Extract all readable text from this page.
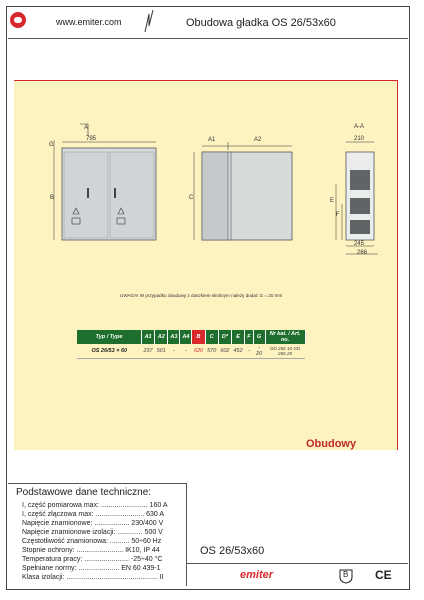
www.emiter.com	Obudowa gładka OS 26/53x60
A
795
G
B
A1	A2
C
A-A
210
E
F
245
266
UWAGA! W przypadku obudowy z daszkiem skośnym należy dodać G = 20 mm
Typ / Type	A1	A2	A3	A4	B	C	D*	E	F	G	Nr kat. / Art. no.
OS 26/53 × 60	237	501	-	-	620	570	602	452	-	- 20	GD 286 10 GD 286 20
Obudowy
Podstawowe dane techniczne:
I, część pomiarowa max: ........................ 160 A
I, część złączowa max: ......................... 630 A
Napięcie znamionowe: .................. 230/400 V
Napięcie znamionowe izolacji: ............. 500 V
Częstotliwość znamionowa: .......... 50÷60 Hz
Stopnie ochrony: ........................ IK10, IP 44
Temperatura pracy: ....................... -25÷40 °C
Spełniane normy: ..................... EN 60 439-1
Klasa izolacji: ............................................... II
OS 26/53x60
emiter	B CE
